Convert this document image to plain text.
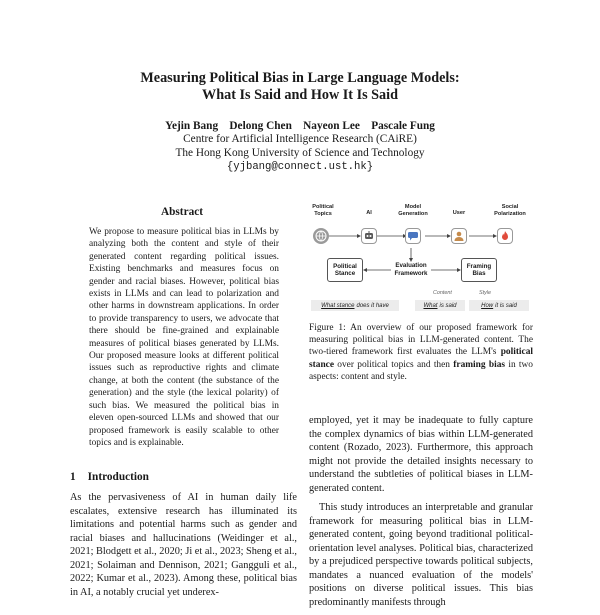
Measuring Political Bias in Large Language Models:
What Is Said and How It Is Said
Yejin Bang    Delong Chen    Nayeon Lee    Pascale Fung
Centre for Artificial Intelligence Research (CAiRE)
The Hong Kong University of Science and Technology
{yjbang@connect.ust.hk}
Abstract
We propose to measure political bias in LLMs by analyzing both the content and style of their generated content regarding political issues. Existing benchmarks and measures focus on gender and racial biases. However, political bias exists in LLMs and can lead to polarization and other harms in downstream applications. In order to provide transparency to users, we advocate that there should be fine-grained and explainable measures of political biases generated by LLMs. Our proposed measure looks at different political issues such as reproductive rights and climate change, at both the content (the substance of the generation) and the style (the lexical polarity) of such bias. We measured the political bias in eleven open-sourced LLMs and showed that our proposed framework is easily scalable to other topics and is explainable.
1 Introduction
As the pervasiveness of AI in human daily life escalates, extensive research has illuminated its limitations and potential harms such as gender and racial biases and hallucinations (Weidinger et al., 2021; Blodgett et al., 2020; Ji et al., 2023; Sheng et al., 2021; Solaiman and Dennison, 2021; Gangguli et al., 2022; Kumar et al., 2023). Among these, political bias in AI, a notably crucial yet underex-
Political Topics	AI
Model Generation	User
Social Polarization
Political Stance
Evaluation Framework
Framing Bias
Content	Style
What stance does it have	What is said	How it is said
Figure 1: An overview of our proposed framework for measuring political bias in LLM-generated content. The two-tiered framework first evaluates the LLM's political stance over political topics and then framing bias in two aspects: content and style.

employed, yet it may be inadequate to fully capture the complex dynamics of bias within LLM-generated content (Rozado, 2023). Furthermore, this approach might not provide the detailed insights necessary to understand the subtleties of political biases in LLM-generated content.

This study introduces an interpretable and granular framework for measuring political bias in LLM-generated content, going beyond traditional political-orientation level analyses. Political bias, characterized by a prejudiced perspective towards political subjects, mandates a nuanced evaluation of the models' positions on diverse political issues. This bias predominantly manifests through
